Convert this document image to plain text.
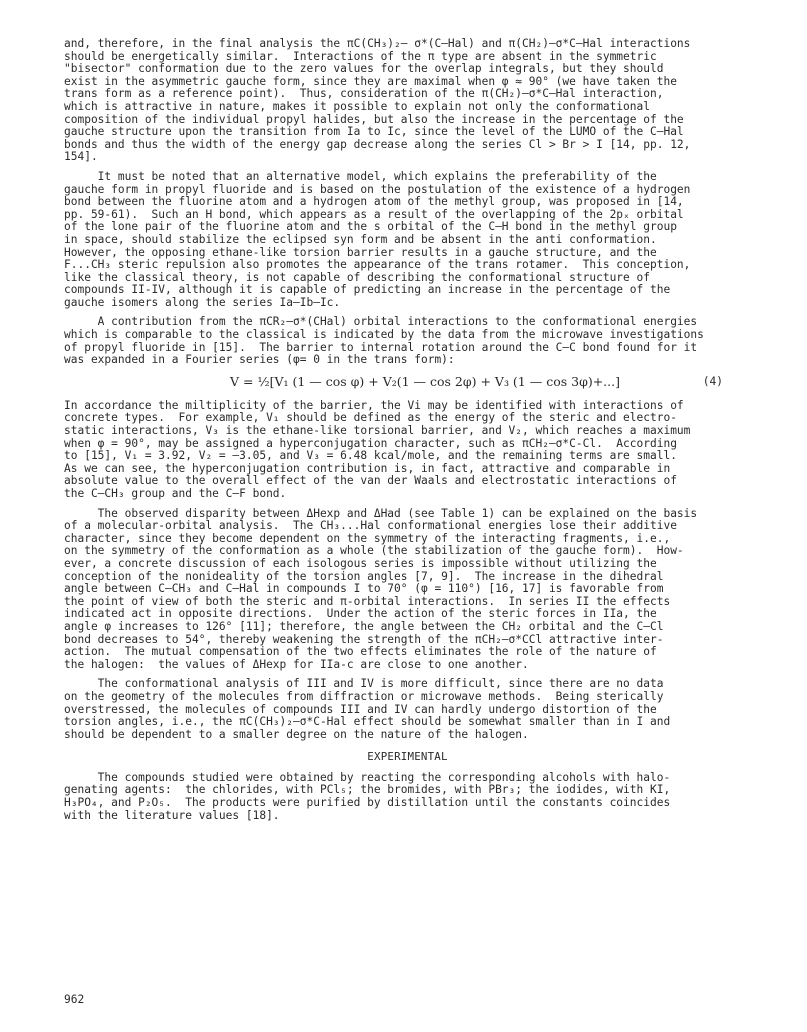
and, therefore, in the final analysis the πC(CH₃)₂— σ*(C—Hal) and π(CH₂)—σ*C—Hal interactions
should be energetically similar.  Interactions of the π type are absent in the symmetric
"bisector" conformation due to the zero values for the overlap integrals, but they should
exist in the asymmetric gauche form, since they are maximal when φ ≈ 90° (we have taken the
trans form as a reference point).  Thus, consideration of the π(CH₂)—σ*C—Hal interaction,
which is attractive in nature, makes it possible to explain not only the conformational
composition of the individual propyl halides, but also the increase in the percentage of the
gauche structure upon the transition from Ia to Ic, since the level of the LUMO of the C—Hal
bonds and thus the width of the energy gap decrease along the series Cl > Br > I [14, pp. 12,
154].
It must be noted that an alternative model, which explains the preferability of the
gauche form in propyl fluoride and is based on the postulation of the existence of a hydrogen
bond between the fluorine atom and a hydrogen atom of the methyl group, was proposed in [14,
pp. 59-61).  Such an H bond, which appears as a result of the overlapping of the 2pₓ orbital
of the lone pair of the fluorine atom and the s orbital of the C—H bond in the methyl group
in space, should stabilize the eclipsed syn form and be absent in the anti conformation.
However, the opposing ethane-like torsion barrier results in a gauche structure, and the
F...CH₃ steric repulsion also promotes the appearance of the trans rotamer.  This conception,
like the classical theory, is not capable of describing the conformational structure of
compounds II-IV, although it is capable of predicting an increase in the percentage of the
gauche isomers along the series Ia—Ib—Ic.
A contribution from the πCR₂—σ*(CHal) orbital interactions to the conformational energies
which is comparable to the classical is indicated by the data from the microwave investigations
of propyl fluoride in [15].  The barrier to internal rotation around the C—C bond found for it
was expanded in a Fourier series (φ= 0 in the trans form):
V = ½[V₁ (1 — cos φ) + V₂(1 — cos 2φ) + V₃ (1 — cos 3φ)+...]	(4)
In accordance the miltiplicity of the barrier, the Vi may be identified with interactions of
concrete types.  For example, V₁ should be defined as the energy of the steric and electro-
static interactions, V₃ is the ethane-like torsional barrier, and V₂, which reaches a maximum
when φ = 90°, may be assigned a hyperconjugation character, such as πCH₂—σ*C-Cl.  According
to [15], V₁ = 3.92, V₂ = —3.05, and V₃ = 6.48 kcal/mole, and the remaining terms are small.
As we can see, the hyperconjugation contribution is, in fact, attractive and comparable in
absolute value to the overall effect of the van der Waals and electrostatic interactions of
the C—CH₃ group and the C—F bond.
The observed disparity between ΔHexp and ΔHad (see Table 1) can be explained on the basis
of a molecular-orbital analysis.  The CH₃...Hal conformational energies lose their additive
character, since they become dependent on the symmetry of the interacting fragments, i.e.,
on the symmetry of the conformation as a whole (the stabilization of the gauche form).  How-
ever, a concrete discussion of each isologous series is impossible without utilizing the
conception of the nonideality of the torsion angles [7, 9].  The increase in the dihedral
angle between C—CH₃ and C—Hal in compounds I to 70° (φ = 110°) [16, 17] is favorable from
the point of view of both the steric and π-orbital interactions.  In series II the effects
indicated act in opposite directions.  Under the action of the steric forces in IIa, the
angle φ increases to 126° [11]; therefore, the angle between the CH₂ orbital and the C—Cl
bond decreases to 54°, thereby weakening the strength of the πCH₂—σ*CCl attractive inter-
action.  The mutual compensation of the two effects eliminates the role of the nature of
the halogen:  the values of ΔHexp for IIa-c are close to one another.
The conformational analysis of III and IV is more difficult, since there are no data
on the geometry of the molecules from diffraction or microwave methods.  Being sterically
overstressed, the molecules of compounds III and IV can hardly undergo distortion of the
torsion angles, i.e., the πC(CH₃)₂—σ*C-Hal effect should be somewhat smaller than in I and
should be dependent to a smaller degree on the nature of the halogen.
EXPERIMENTAL
The compounds studied were obtained by reacting the corresponding alcohols with halo-
genating agents:  the chlorides, with PCl₅; the bromides, with PBr₃; the iodides, with KI,
H₃PO₄, and P₂O₅.  The products were purified by distillation until the constants coincides
with the literature values [18].
962
